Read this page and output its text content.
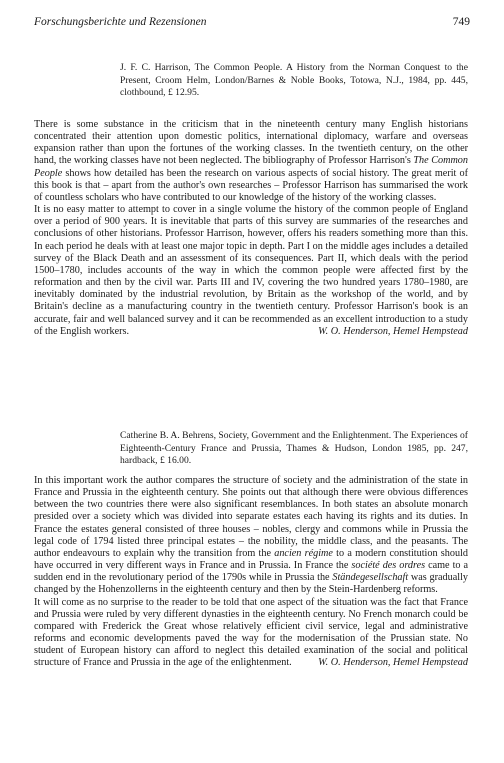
Forschungsberichte und Rezensionen	749
J. F. C. Harrison, The Common People. A History from the Norman Conquest to the Present, Croom Helm, London/Barnes & Noble Books, Totowa, N.J., 1984, pp. 445, clothbound, £ 12.95.

There is some substance in the criticism that in the nineteenth century many English historians concentrated their attention upon domestic politics, international diplomacy, warfare and overseas expansion rather than upon the fortunes of the working classes. In the twentieth century, on the other hand, the working classes have not been neglected. The bibliography of Professor Harrison's The Common People shows how detailed has been the research on various aspects of social history. The great merit of this book is that – apart from the author's own researches – Professor Harrison has summarised the work of countless scholars who have contributed to our knowledge of the history of the working classes.

It is no easy matter to attempt to cover in a single volume the history of the common people of England over a period of 900 years. It is inevitable that parts of this survey are summaries of the researches and conclusions of other historians. Professor Harrison, however, offers his readers something more than this. In each period he deals with at least one major topic in depth. Part I on the middle ages includes a detailed survey of the Black Death and an assessment of its consequences. Part II, which deals with the period 1500–1780, includes accounts of the way in which the common people were affected first by the reformation and then by the civil war. Parts III and IV, covering the two hundred years 1780–1980, are inevitably dominated by the industrial revolution, by Britain as the workshop of the world, and by Britain's decline as a manufacturing country in the twentieth century. Professor Harrison's book is an accurate, fair and well balanced survey and it can be recommended as an excellent introduction to a study of the English workers.	W. O. Henderson, Hemel Hempstead

Catherine B. A. Behrens, Society, Government and the Enlightenment. The Experiences of Eighteenth-Century France and Prussia, Thames & Hudson, London 1985, pp. 247, hardback, £ 16.00.

In this important work the author compares the structure of society and the administration of the state in France and Prussia in the eighteenth century. She points out that although there were obvious differences between the two countries there were also significant resemblances. In both states an absolute monarch presided over a society which was divided into separate estates each having its rights and its duties. In France the estates general consisted of three houses – nobles, clergy and commons while in Prussia the legal code of 1794 listed three principal estates – the nobility, the middle class, and the peasants. The author endeavours to explain why the transition from the ancien régime to a modern constitution should have occurred in very different ways in France and in Prussia. In France the société des ordres came to a sudden end in the revolutionary period of the 1790s while in Prussia the Ständegesellschaft was gradually changed by the Hohenzollerns in the eighteenth century and then by the Stein-Hardenberg reforms.

It will come as no surprise to the reader to be told that one aspect of the situation was the fact that France and Prussia were ruled by very different dynasties in the eighteenth century. No French monarch could be compared with Frederick the Great whose relatively efficient civil service, legal and administrative reforms and economic developments paved the way for the modernisation of the Prussian state. No student of European history can afford to neglect this detailed examination of the social and political structure of France and Prussia in the age of the enlightenment.	W. O. Henderson, Hemel Hempstead
